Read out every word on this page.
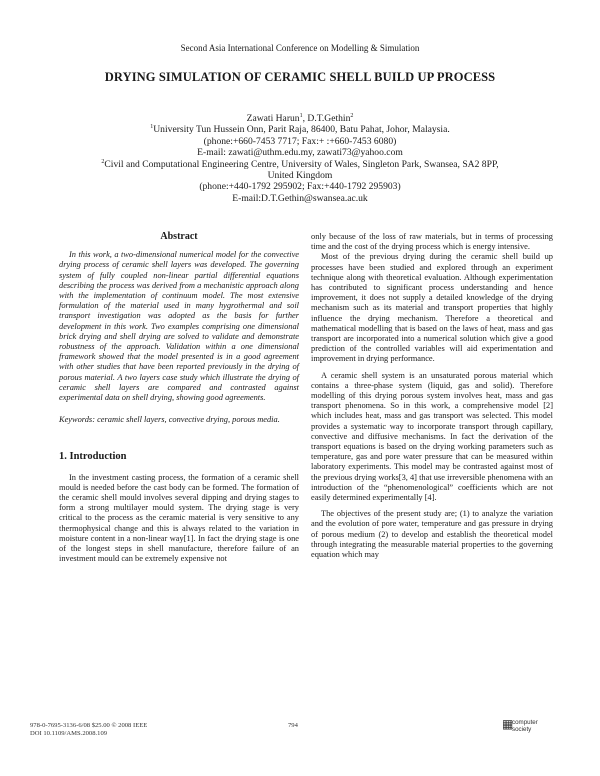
Second Asia International Conference on Modelling & Simulation
DRYING SIMULATION OF CERAMIC SHELL BUILD UP PROCESS
Zawati Harun$^1$, D.T.Gethin$^2$
$^1$University Tun Hussein Onn, Parit Raja, 86400, Batu Pahat, Johor, Malaysia.
(phone:+660-7453 7717; Fax:+ :+660-7453 6080)
E-mail: zawati@uthm.edu.my, zawati73@yahoo.com
$^2$Civil and Computational Engineering Centre, University of Wales, Singleton Park, Swansea, SA2 8PP,
United Kingdom
(phone:+440-1792 295902; Fax:+440-1792 295903)
E-mail:D.T.Gethin@swansea.ac.uk

Abstract

In this work, a two-dimensional numerical model for the convective drying process of ceramic shell layers was developed. The governing system of fully coupled non-linear partial differential equations describing the process was derived from a mechanistic approach along with the implementation of continuum model. The most extensive formulation of the material used in many hygrothermal and soil transport investigation was adopted as the basis for further development in this work. Two examples comprising one dimensional brick drying and shell drying are solved to validate and demonstrate robustness of the approach. Validation within a one dimensional framework showed that the model presented is in a good agreement with other studies that have been reported previously in the drying of porous material. A two layers case study which illustrate the drying of ceramic shell layers are compared and contrasted against experimental data on shell drying, showing good agreements.

Keywords: ceramic shell layers, convective drying, porous media.

1. Introduction

In the investment casting process, the formation of a ceramic shell mould is needed before the cast body can be formed. The formation of the ceramic shell mould involves several dipping and drying stages to form a strong multilayer mould system. The drying stage is very critical to the process as the ceramic material is very sensitive to any thermophysical change and this is always related to the variation in moisture content in a non-linear way[1]. In fact the drying stage is one of the longest steps in shell manufacture, therefore failure of an investment mould can be extremely expensive not

only because of the loss of raw materials, but in terms of processing time and the cost of the drying process which is energy intensive.

Most of the previous drying during the ceramic shell build up processes have been studied and explored through an experiment technique along with theoretical evaluation. Although experimentation has contributed to significant process understanding and hence improvement, it does not supply a detailed knowledge of the drying mechanism such as its material and transport properties that highly influence the drying mechanism. Therefore a theoretical and mathematical modelling that is based on the laws of heat, mass and gas transport are incorporated into a numerical solution which give a good prediction of the controlled variables will aid experimentation and improvement in drying performance.

A ceramic shell system is an unsaturated porous material which contains a three-phase system (liquid, gas and solid). Therefore modelling of this drying porous system involves heat, mass and gas transport phenomena. So in this work, a comprehensive model [2] which includes heat, mass and gas transport was selected. This model provides a systematic way to incorporate transport through capillary, convective and diffusive mechanisms. In fact the derivation of the transport equations is based on the drying working parameters such as temperature, gas and pore water pressure that can be measured within laboratory experiments. This model may be contrasted against most of the previous drying works[3, 4] that use irreversible phenomena with an introduction of the “phenomenological” coefficients which are not easily determined experimentally [4].

The objectives of the present study are; (1) to analyze the variation and the evolution of pore water, temperature and gas pressure in drying of porous medium (2) to develop and establish the theoretical model through integrating the measurable material properties to the governing equation which may

978-0-7695-3136-6/08 $25.00 © 2008 IEEE
DOI 10.1109/AMS.2008.109
794	▦
computer
society
